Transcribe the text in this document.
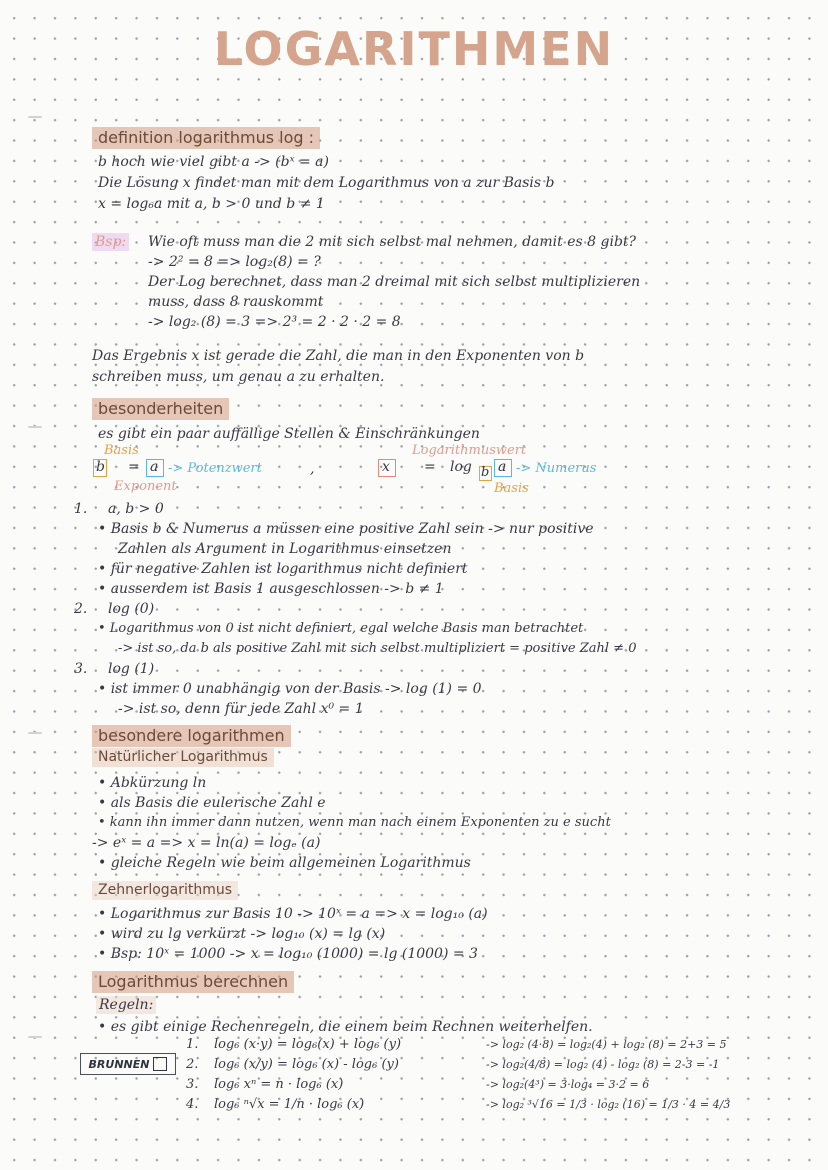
LOGARITHMEN
definition logarithmus log :
b hoch wie viel gibt a -> (bˣ = a)
Die Lösung x findet man mit dem Logarithmus von a zur Basis b
x = log₆a mit a, b > 0 und b ≠ 1
Bsp: Wie oft muss man die 2 mit sich selbst mal nehmen, damit es 8 gibt?
-> 2² = 8 => log₂(8) = ?
Der Log berechnet, dass man 2 dreimal mit sich selbst multiplizieren
muss, dass 8 rauskommt
-> log₂ (8) = 3 => 2³ = 2 · 2 · 2 = 8
Das Ergebnis x ist gerade die Zahl, die man in den Exponenten von b
schreiben muss, um genau a zu erhalten.
besonderheiten
es gibt ein paar auffällige Stellen & Einschränkungen
Basis
b = a -> Potenzwert
Exponent
,
Logarithmuswert
x = log b a -> Numerus
Basis
1. a, b > 0
• Basis b & Numerus a müssen eine positive Zahl sein -> nur positive
Zahlen als Argument in Logarithmus einsetzen
• für negative Zahlen ist logarithmus nicht definiert
• ausserdem ist Basis 1 ausgeschlossen -> b ≠ 1
2. log (0)
• Logarithmus von 0 ist nicht definiert, egal welche Basis man betrachtet
-> ist so, da b als positive Zahl mit sich selbst multipliziert = positive Zahl ≠ 0
3. log (1)
• ist immer 0 unabhängig von der Basis -> log (1) = 0
-> ist so, denn für jede Zahl x⁰ = 1
besondere logarithmen
Natürlicher Logarithmus
• Abkürzung ln
• als Basis die eulerische Zahl e
• kann ihn immer dann nutzen, wenn man nach einem Exponenten zu e sucht
-> eˣ = a => x = ln(a) = logₑ (a)
• gleiche Regeln wie beim allgemeinen Logarithmus
Zehnerlogarithmus
• Logarithmus zur Basis 10 -> 10ˣ = a => x = log₁₀ (a)
• wird zu lg verkürzt -> log₁₀ (x) = lg (x)
• Bsp: 10ˣ = 1000 -> x = log₁₀ (1000) = lg (1000) = 3
Logarithmus berechnen
Regeln:
• es gibt einige Rechenregeln, die einem beim Rechnen weiterhelfen.
1. log₆ (x·y) = log₆(x) + log₆ (y)	-> log₂ (4·8) = log₂(4) + log₂ (8) = 2+3 = 5
2. log₆ (x/y) = log₆ (x) - log₆ (y)	-> log₂(4/8) = log₂ (4) - log₂ (8) = 2-3 = -1
3. log₆ xⁿ = n · log₆ (x)	-> log₂(4³) = 3·log₄ = 3·2 = 6
4. log₆ ⁿ√x = 1/n · log₆ (x)	-> log₂ ³√16 = 1/3 · log₂ (16) = 1/3 · 4 = 4/3
BRUNNEN
